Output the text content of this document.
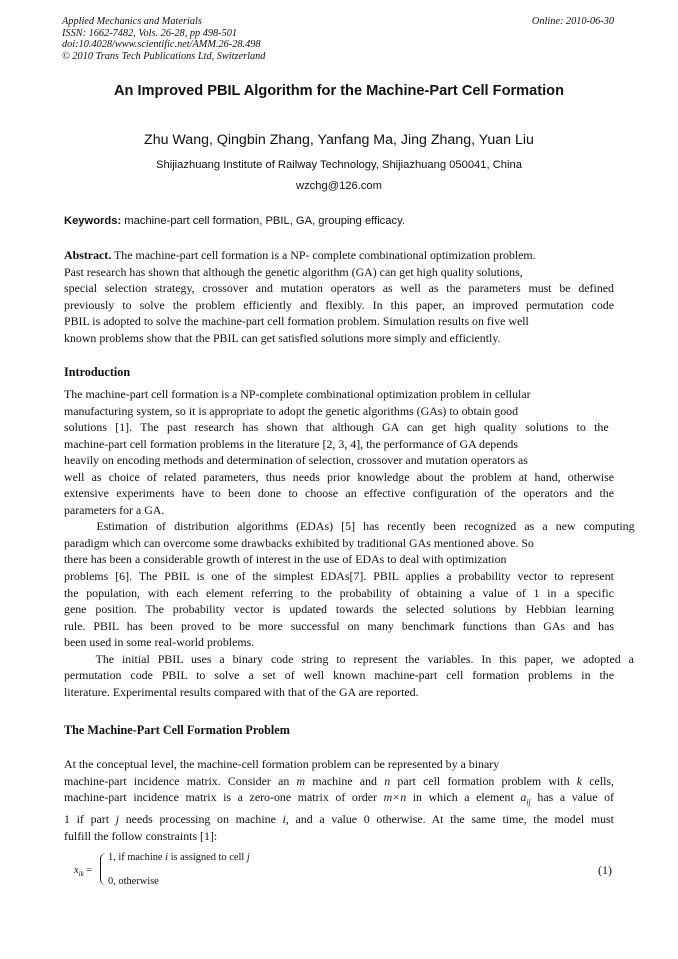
Applied Mechanics and Materials
ISSN: 1662-7482, Vols. 26-28, pp 498-501
doi:10.4028/www.scientific.net/AMM.26-28.498
© 2010 Trans Tech Publications Ltd, Switzerland
Online: 2010-06-30
An Improved PBIL Algorithm for the Machine-Part Cell Formation
Zhu Wang, Qingbin Zhang, Yanfang Ma, Jing Zhang, Yuan Liu
Shijiazhuang Institute of Railway Technology, Shijiazhuang 050041, China
wzchg@126.com
Keywords: machine-part cell formation, PBIL, GA, grouping efficacy.
Abstract. The machine-part cell formation is a NP- complete combinational optimization problem.
Past research has shown that although the genetic algorithm (GA) can get high quality solutions,
special selection strategy, crossover and mutation operators as well as the parameters must be defined
previously to solve the problem efficiently and flexibly. In this paper, an improved permutation code
PBIL is adopted to solve the machine-part cell formation problem. Simulation results on five well
known problems show that the PBIL can get satisfied solutions more simply and efficiently.
Introduction
The machine-part cell formation is a NP-complete combinational optimization problem in cellular
manufacturing system, so it is appropriate to adopt the genetic algorithms (GAs) to obtain good
solutions [1]. The past research has shown that although GA can get high quality solutions to the
machine-part cell formation problems in the literature [2, 3, 4], the performance of GA depends
heavily on encoding methods and determination of selection, crossover and mutation operators as
well as choice of related parameters, thus needs prior knowledge about the problem at hand, otherwise
extensive experiments have to been done to choose an effective configuration of the operators and the
parameters for a GA.
Estimation of distribution algorithms (EDAs) [5] has recently been recognized as a new computing
paradigm which can overcome some drawbacks exhibited by traditional GAs mentioned above. So
there has been a considerable growth of interest in the use of EDAs to deal with optimization
problems [6]. The PBIL is one of the simplest EDAs[7]. PBIL applies a probability vector to represent
the population, with each element referring to the probability of obtaining a value of 1 in a specific
gene position. The probability vector is updated towards the selected solutions by Hebbian learning
rule. PBIL has been proved to be more successful on many benchmark functions than GAs and has
been used in some real-world problems.
The initial PBIL uses a binary code string to represent the variables. In this paper, we adopted a
permutation code PBIL to solve a set of well known machine-part cell formation problems in the
literature. Experimental results compared with that of the GA are reported.
The Machine-Part Cell Formation Problem
At the conceptual level, the machine-cell formation problem can be represented by a binary
machine-part incidence matrix. Consider an m machine and n part cell formation problem with k cells,
machine-part incidence matrix is a zero-one matrix of order m×n in which a element $a_{ij}$ has a value of
1 if part j needs processing on machine i, and a value 0 otherwise. At the same time, the model must
fulfill the follow constraints [1]:
$x_{ik}$ =
1, if machine i is assigned to cell j
0, otherwise
(1)
